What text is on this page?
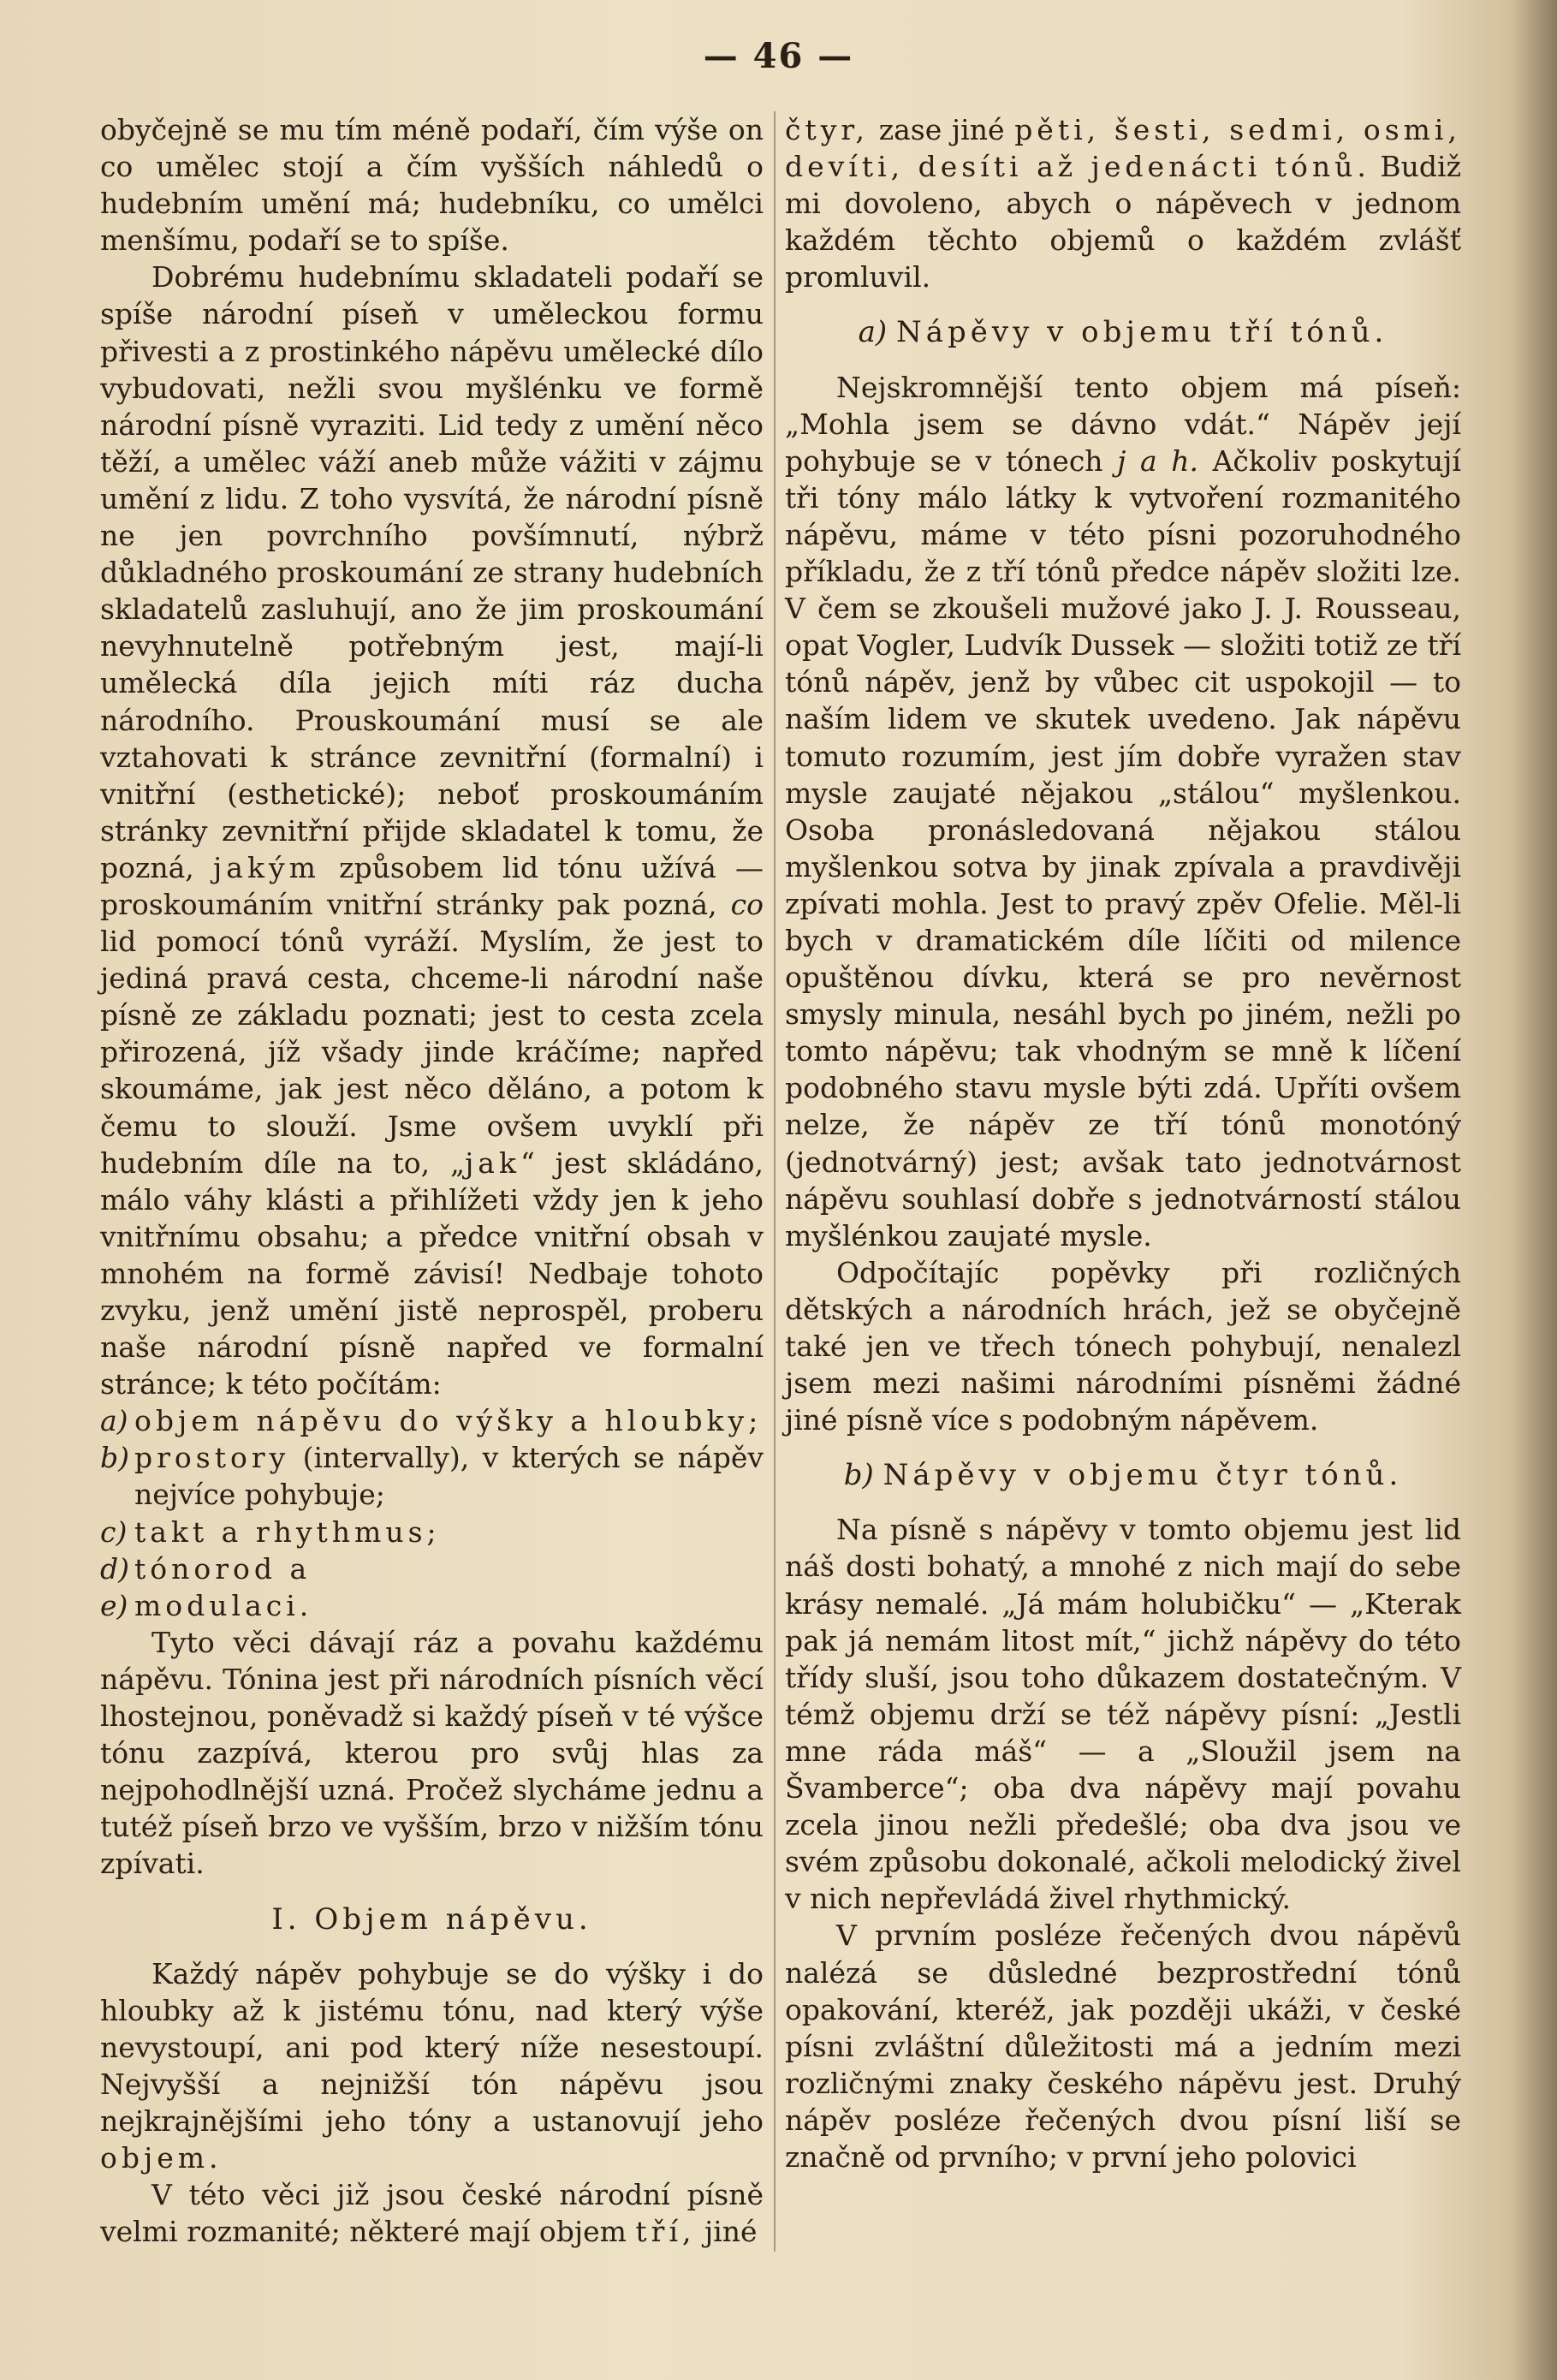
— 46 —

obyčejně se mu tím méně podaří, čím výše on co umělec stojí a čím vyšších náhledů o hudebním umění má; hudebníku, co umělci menšímu, podaří se to spíše.

Dobrému hudebnímu skladateli podaří se spíše národní píseň v uměleckou formu přivesti a z prostinkého nápěvu umělecké dílo vybudovati, nežli svou myšlénku ve formě národní písně vyraziti. Lid tedy z umění něco těží, a umělec váží aneb může vážiti v zájmu umění z lidu. Z toho vysvítá, že národní písně ne jen povrchního povšímnutí, nýbrž důkladného proskoumání ze strany hudebních skladatelů zasluhují, ano že jim proskoumání nevyhnutelně potřebným jest, mají-li umělecká díla jejich míti ráz ducha národního. Prouskoumání musí se ale vztahovati k stránce zevnitřní (formalní) i vnitřní (esthetické); neboť proskoumáním stránky zevnitřní přijde skladatel k tomu, že pozná, jakým způsobem lid tónu užívá — proskoumáním vnitřní stránky pak pozná, co lid pomocí tónů vyráží. Myslím, že jest to jediná pravá cesta, chceme-li národní naše písně ze základu poznati; jest to cesta zcela přirozená, jíž všady jinde kráčíme; napřed skoumáme, jak jest něco děláno, a potom k čemu to slouží. Jsme ovšem uvyklí při hudebním díle na to, „jak“ jest skládáno, málo váhy klásti a přihlížeti vždy jen k jeho vnitřnímu obsahu; a předce vnitřní obsah v mnohém na formě závisí! Nedbaje tohoto zvyku, jenž umění jistě neprospěl, proberu naše národní písně napřed ve formalní stránce; k této počítám:

a) objem nápěvu do výšky a hloubky;
b) prostory (intervally), v kterých se nápěv nejvíce pohybuje;
c) takt a rhythmus;
d) tónorod a
e) modulaci.

Tyto věci dávají ráz a povahu každému nápěvu. Tónina jest při národních písních věcí lhostejnou, poněvadž si každý píseň v té výšce tónu zazpívá, kterou pro svůj hlas za nejpohodlnější uzná. Pročež slycháme jednu a tutéž píseň brzo ve vyšším, brzo v nižším tónu zpívati.

I. Objem nápěvu.

Každý nápěv pohybuje se do výšky i do hloubky až k jistému tónu, nad který výše nevystoupí, ani pod který níže nesestoupí. Nejvyšší a nejnižší tón nápěvu jsou nejkrajnějšími jeho tóny a ustanovují jeho objem.

V této věci již jsou české národní písně velmi rozmanité; některé mají objem tří, jiné

čtyr, zase jiné pěti, šesti, sedmi, osmi, devíti, desíti až jedenácti tónů. Budiž mi dovoleno, abych o nápěvech v jednom každém těchto objemů o každém zvlášť promluvil.

a) Nápěvy v objemu tří tónů.

Nejskromnější tento objem má píseň: „Mohla jsem se dávno vdát.“ Nápěv její pohybuje se v tónech j a h. Ačkoliv poskytují tři tóny málo látky k vytvoření rozmanitého nápěvu, máme v této písni pozoruhodného příkladu, že z tří tónů předce nápěv složiti lze. V čem se zkoušeli mužové jako J. J. Rousseau, opat Vogler, Ludvík Dussek — složiti totiž ze tří tónů nápěv, jenž by vůbec cit uspokojil — to naším lidem ve skutek uvedeno. Jak nápěvu tomuto rozumím, jest jím dobře vyražen stav mysle zaujaté nějakou „stálou“ myšlenkou. Osoba pronásledovaná nějakou stálou myšlenkou sotva by jinak zpívala a pravdivěji zpívati mohla. Jest to pravý zpěv Ofelie. Měl-li bych v dramatickém díle líčiti od milence opuštěnou dívku, která se pro nevěrnost smysly minula, nesáhl bych po jiném, nežli po tomto nápěvu; tak vhodným se mně k líčení podobného stavu mysle býti zdá. Upříti ovšem nelze, že nápěv ze tří tónů monotóný (jednotvárný) jest; avšak tato jednotvárnost nápěvu souhlasí dobře s jednotvárností stálou myšlénkou zaujaté mysle.

Odpočítajíc popěvky při rozličných dětských a národních hrách, jež se obyčejně také jen ve třech tónech pohybují, nenalezl jsem mezi našimi národními písněmi žádné jiné písně více s podobným nápěvem.

b) Nápěvy v objemu čtyr tónů.

Na písně s nápěvy v tomto objemu jest lid náš dosti bohatý, a mnohé z nich mají do sebe krásy nemalé. „Já mám holubičku“ — „Kterak pak já nemám litost mít,“ jichž nápěvy do této třídy sluší, jsou toho důkazem dostatečným. V témž objemu drží se též nápěvy písní: „Jestli mne ráda máš“ — a „Sloužil jsem na Švamberce“; oba dva nápěvy mají povahu zcela jinou nežli předešlé; oba dva jsou ve svém způsobu dokonalé, ačkoli melodický živel v nich nepřevládá živel rhythmický.

V prvním posléze řečených dvou nápěvů nalézá se důsledné bezprostřední tónů opakování, kteréž, jak později ukáži, v české písni zvláštní důležitosti má a jedním mezi rozličnými znaky českého nápěvu jest. Druhý nápěv posléze řečených dvou písní liší se značně od prvního; v první jeho polovici
